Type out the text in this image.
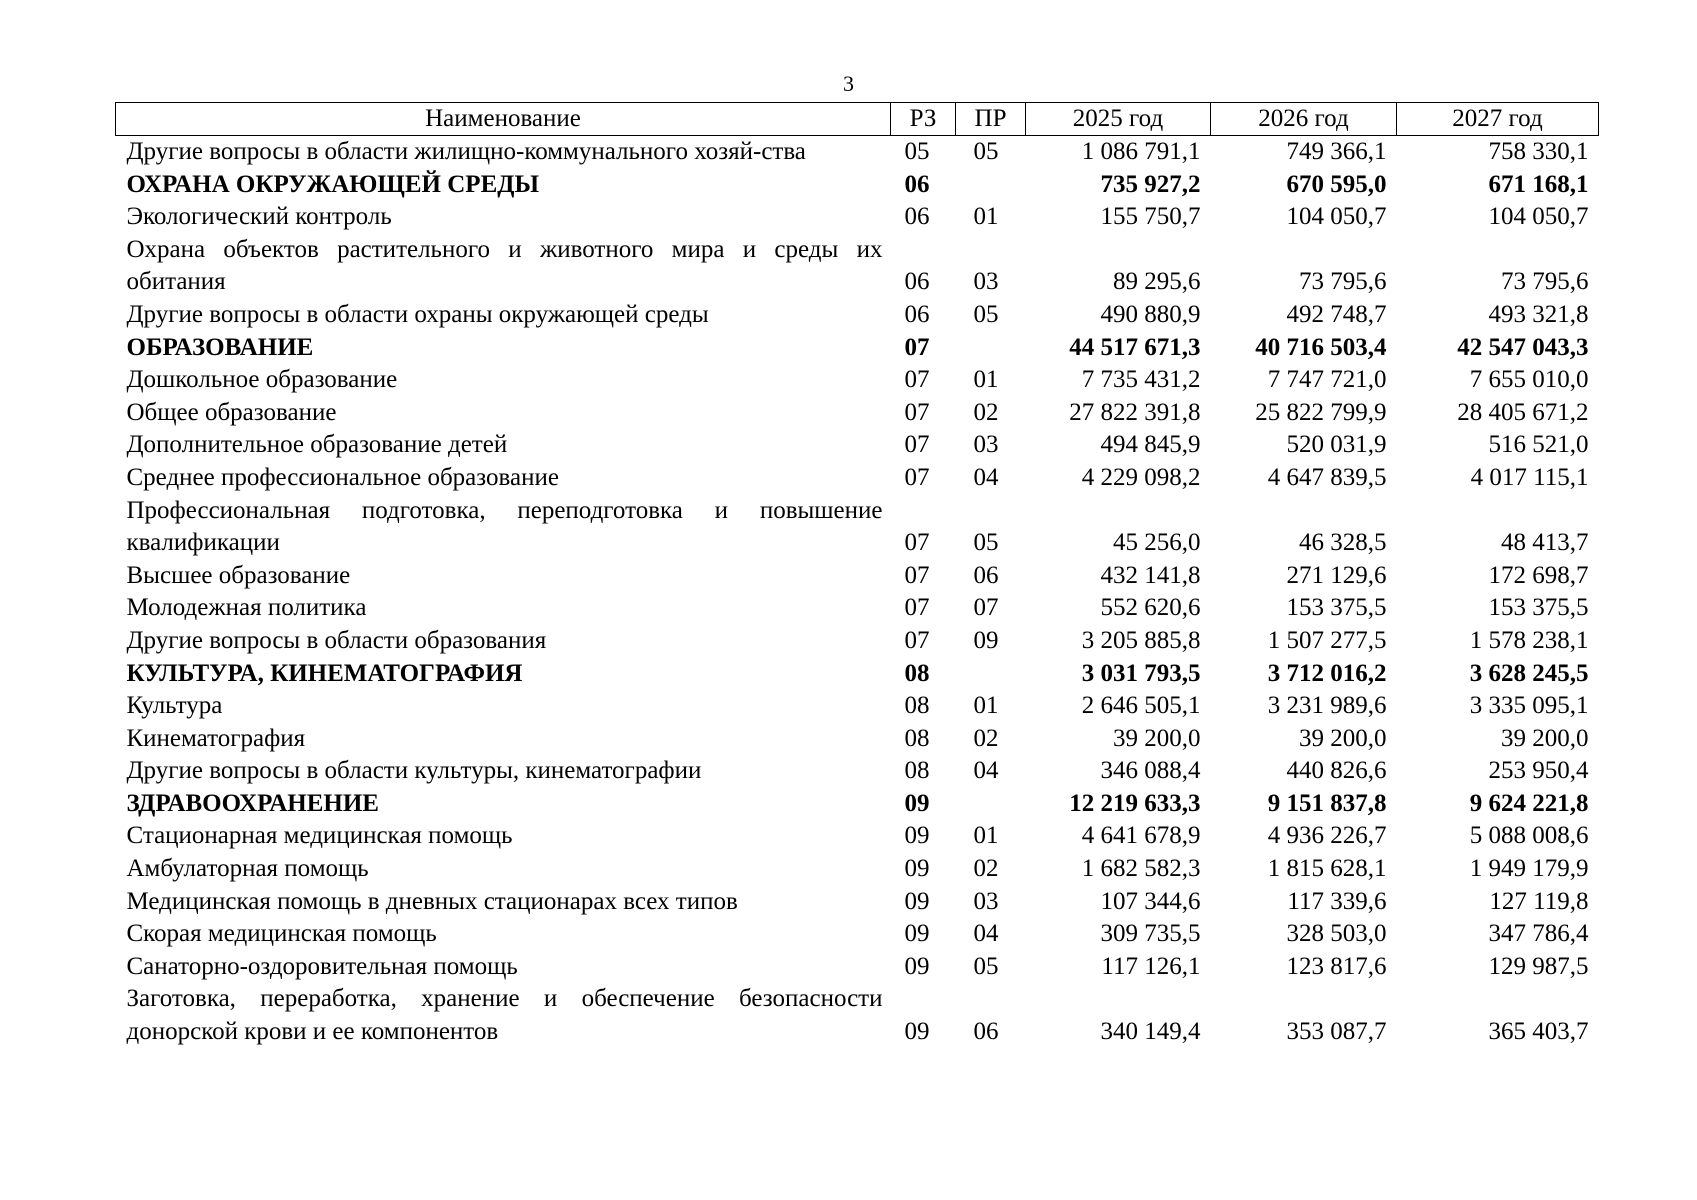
3
Наименование	РЗ	ПР	2025 год	2026 год	2027 год
Другие вопросы в области жилищно-коммунального хозяй-ства	05	05	1 086 791,1	749 366,1	758 330,1
ОХРАНА ОКРУЖАЮЩЕЙ СРЕДЫ	06		735 927,2	670 595,0	671 168,1
Экологический контроль	06	01	155 750,7	104 050,7	104 050,7
Охрана объектов растительного и животного мира и среды их обитания	06	03	89 295,6	73 795,6	73 795,6
Другие вопросы в области охраны окружающей среды	06	05	490 880,9	492 748,7	493 321,8
ОБРАЗОВАНИЕ	07		44 517 671,3	40 716 503,4	42 547 043,3
Дошкольное образование	07	01	7 735 431,2	7 747 721,0	7 655 010,0
Общее образование	07	02	27 822 391,8	25 822 799,9	28 405 671,2
Дополнительное образование детей	07	03	494 845,9	520 031,9	516 521,0
Среднее профессиональное образование	07	04	4 229 098,2	4 647 839,5	4 017 115,1
Профессиональная подготовка, переподготовка и повышение квалификации	07	05	45 256,0	46 328,5	48 413,7
Высшее образование	07	06	432 141,8	271 129,6	172 698,7
Молодежная политика	07	07	552 620,6	153 375,5	153 375,5
Другие вопросы в области образования	07	09	3 205 885,8	1 507 277,5	1 578 238,1
КУЛЬТУРА, КИНЕМАТОГРАФИЯ	08		3 031 793,5	3 712 016,2	3 628 245,5
Культура	08	01	2 646 505,1	3 231 989,6	3 335 095,1
Кинематография	08	02	39 200,0	39 200,0	39 200,0
Другие вопросы в области культуры, кинематографии	08	04	346 088,4	440 826,6	253 950,4
ЗДРАВООХРАНЕНИЕ	09		12 219 633,3	9 151 837,8	9 624 221,8
Стационарная медицинская помощь	09	01	4 641 678,9	4 936 226,7	5 088 008,6
Амбулаторная помощь	09	02	1 682 582,3	1 815 628,1	1 949 179,9
Медицинская помощь в дневных стационарах всех типов	09	03	107 344,6	117 339,6	127 119,8
Скорая медицинская помощь	09	04	309 735,5	328 503,0	347 786,4
Санаторно-оздоровительная помощь	09	05	117 126,1	123 817,6	129 987,5
Заготовка, переработка, хранение и обеспечение безопасности донорской крови и ее компонентов	09	06	340 149,4	353 087,7	365 403,7
